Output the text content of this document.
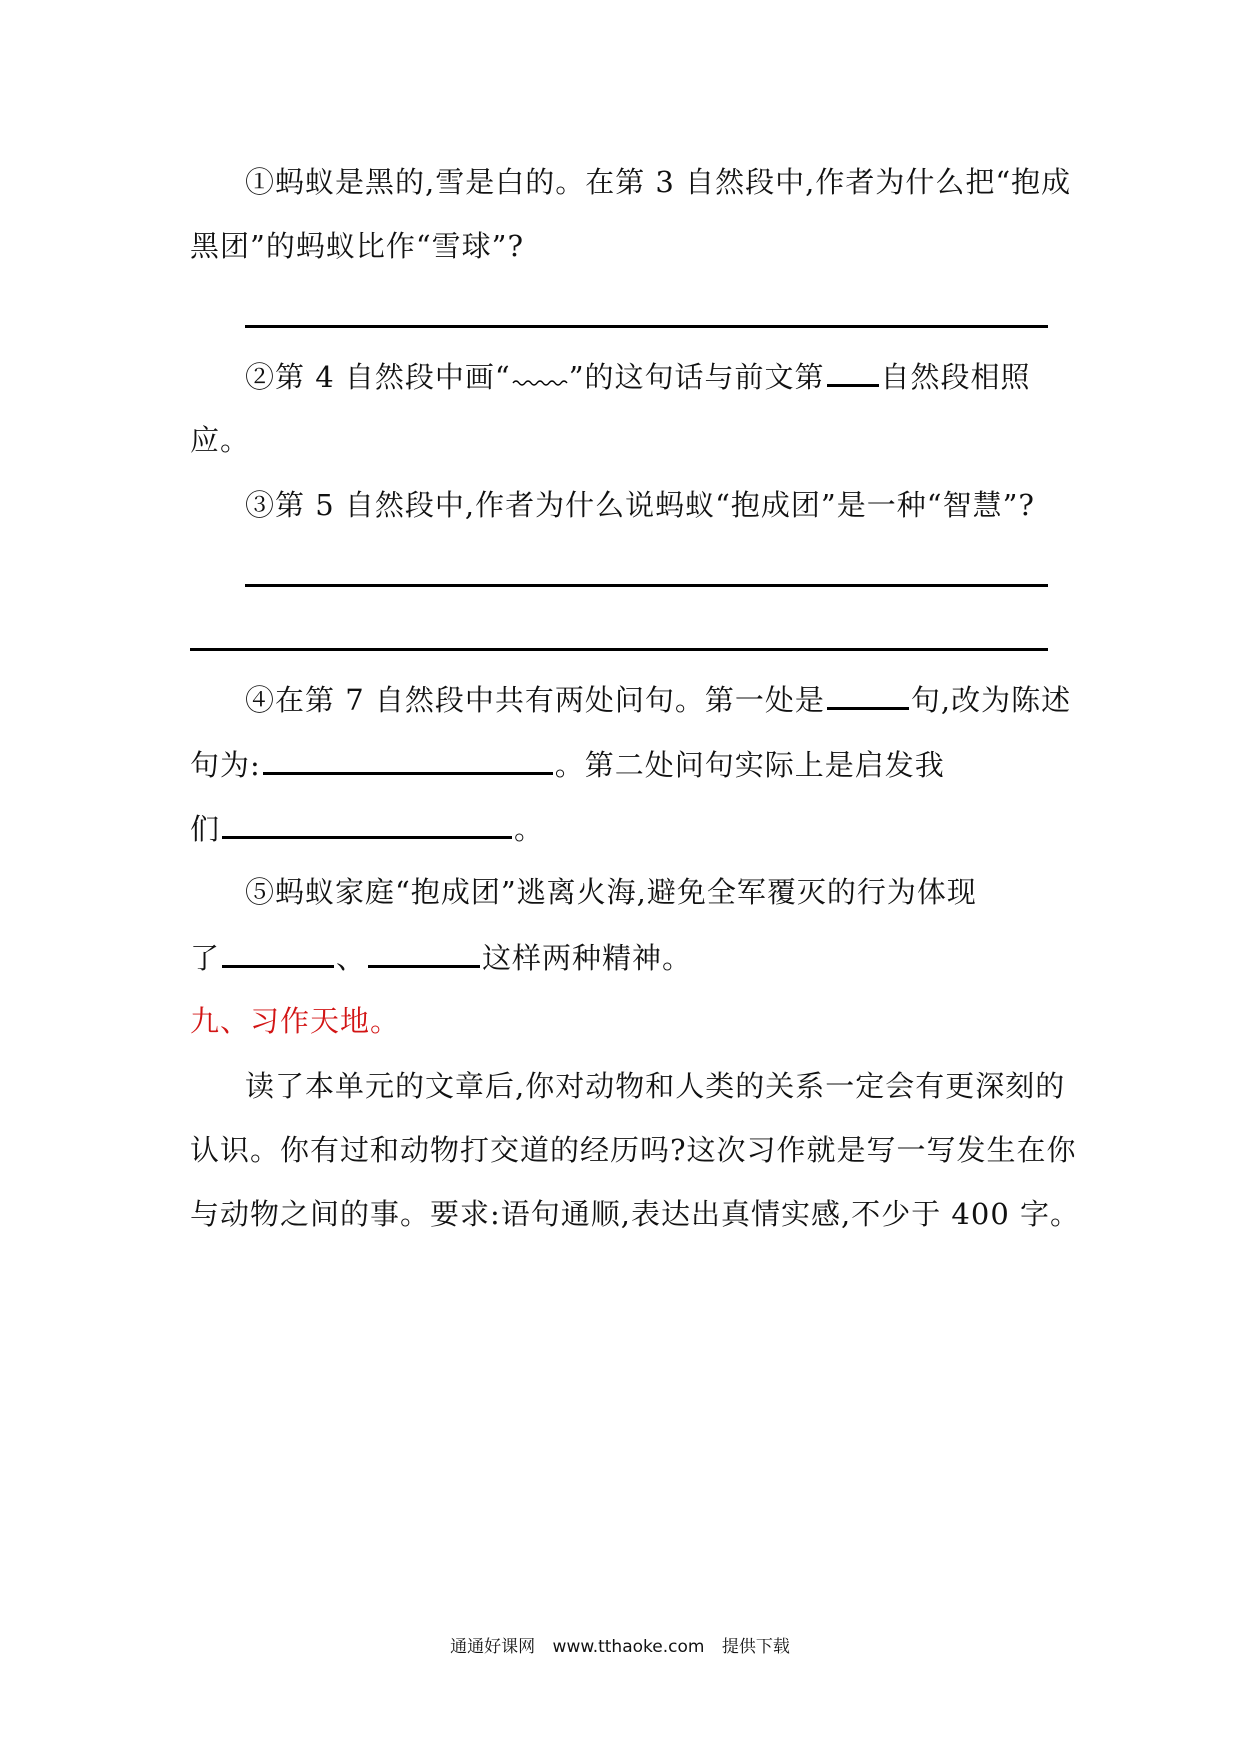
①蚂蚁是黑的,雪是白的。在第 3 自然段中,作者为什么把“抱成
黑团”的蚂蚁比作“雪球”?
②第 4 自然段中画“ ”的这句话与前文第 自然段相照
应。
③第 5 自然段中,作者为什么说蚂蚁“抱成团”是一种“智慧”?
④在第 7 自然段中共有两处问句。第一处是	句,改为陈述
句为:	。第二处问句实际上是启发我
们	。
⑤蚂蚁家庭“抱成团”逃离火海,避免全军覆灭的行为体现
了	、	这样两种精神。
九、习作天地。
读了本单元的文章后,你对动物和人类的关系一定会有更深刻的
认识。你有过和动物打交道的经历吗?这次习作就是写一写发生在你
与动物之间的事。要求:语句通顺,表达出真情实感,不少于 400 字。
通通好课网 www.tthaoke.com 提供下载
